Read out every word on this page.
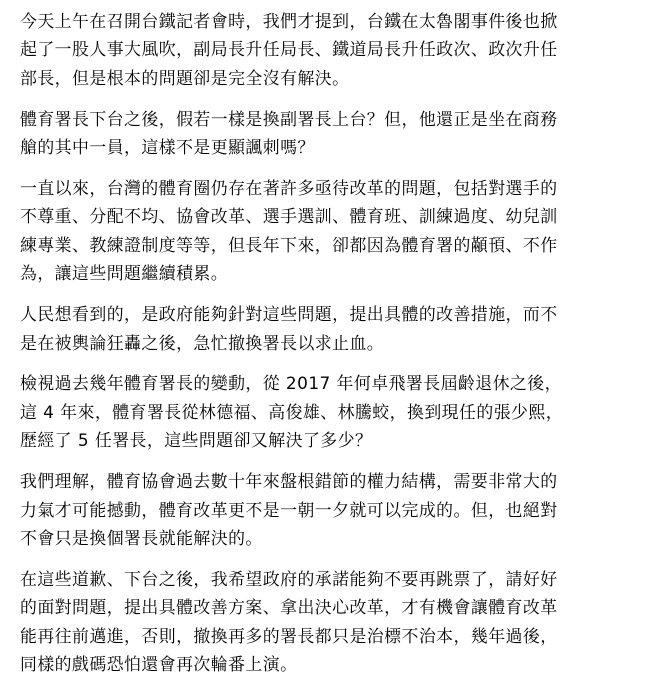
今天上午在召開台鐵記者會時，我們才提到，台鐵在太魯閣事件後也掀
起了一股人事大風吹，副局長升任局長、鐵道局長升任政次、政次升任
部長，但是根本的問題卻是完全沒有解決。

體育署長下台之後，假若一樣是換副署長上台？但，他還正是坐在商務
艙的其中一員，這樣不是更顯諷刺嗎？

一直以來，台灣的體育圈仍存在著許多亟待改革的問題，包括對選手的
不尊重、分配不均、協會改革、選手選訓、體育班、訓練過度、幼兒訓
練專業、教練證制度等等，但長年下來，卻都因為體育署的顢頇、不作
為，讓這些問題繼續積累。

人民想看到的，是政府能夠針對這些問題，提出具體的改善措施，而不
是在被輿論狂轟之後，急忙撤換署長以求止血。

檢視過去幾年體育署長的變動，從 2017 年何卓飛署長屆齡退休之後，
這 4 年來，體育署長從林德福、高俊雄、林騰蛟，換到現任的張少熙，
歷經了 5 任署長，這些問題卻又解決了多少？

我們理解，體育協會過去數十年來盤根錯節的權力結構，需要非常大的
力氣才可能撼動，體育改革更不是一朝一夕就可以完成的。但，也絕對
不會只是換個署長就能解決的。

在這些道歉、下台之後，我希望政府的承諾能夠不要再跳票了，請好好
的面對問題，提出具體改善方案、拿出決心改革，才有機會讓體育改革
能再往前邁進，否則，撤換再多的署長都只是治標不治本，幾年過後，
同樣的戲碼恐怕還會再次輪番上演。
